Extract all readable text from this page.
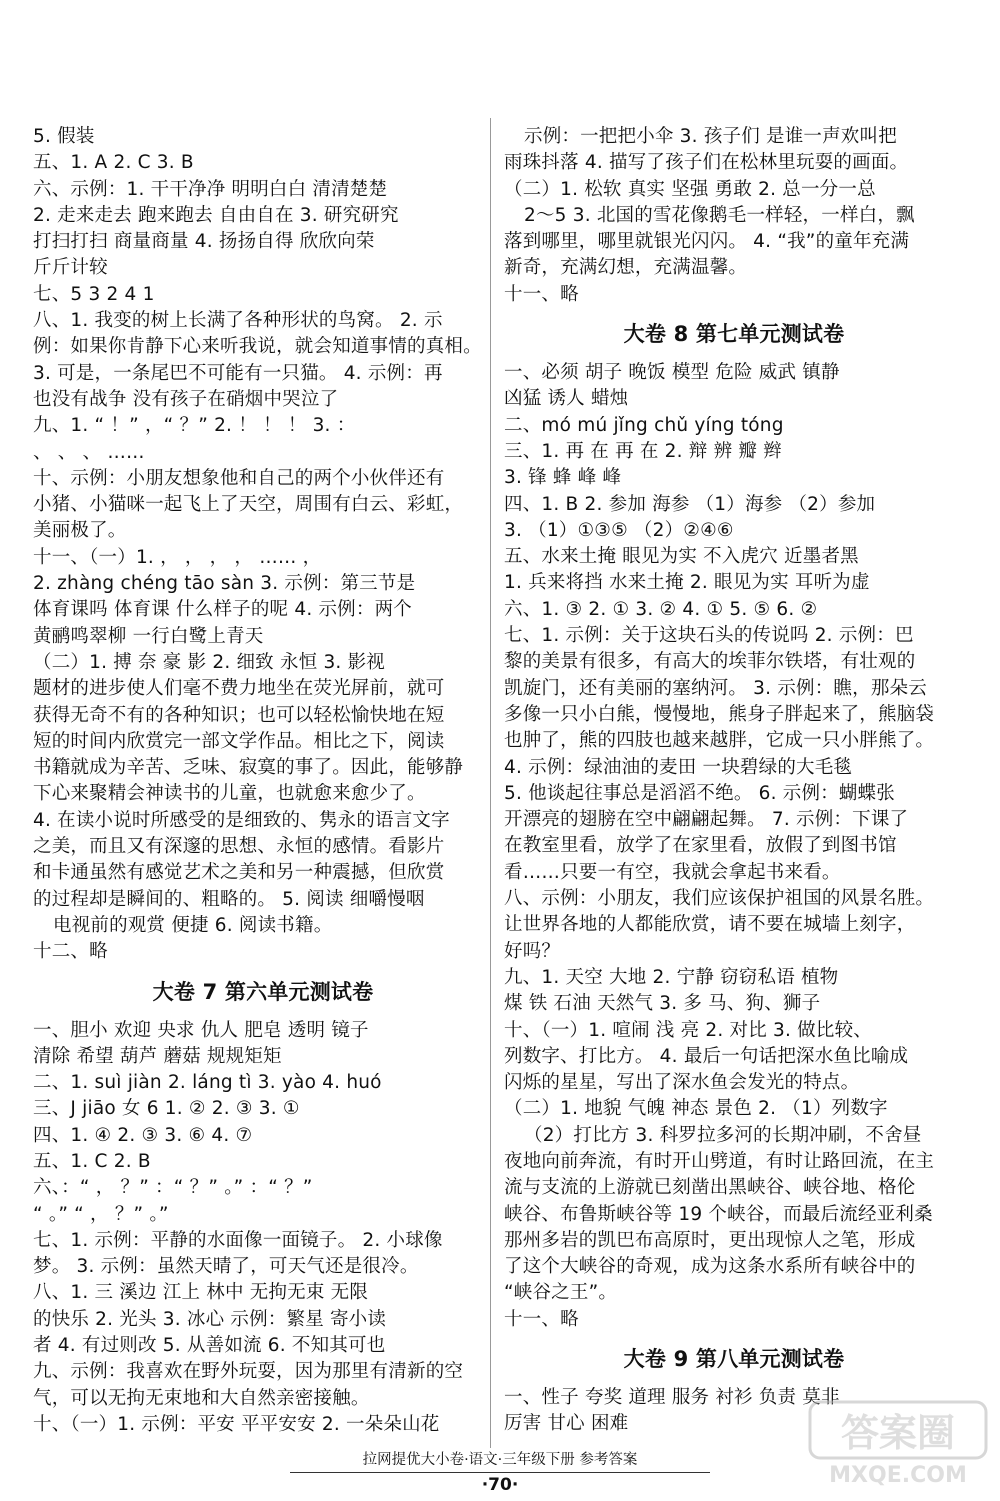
5. 假装
五、1. A 2. C 3. B
六、示例：1. 干干净净 明明白白 清清楚楚
2. 走来走去 跑来跑去 自由自在 3. 研究研究
打扫打扫 商量商量 4. 扬扬自得 欣欣向荣
斤斤计较
七、5 3 2 4 1
八、1. 我变的树上长满了各种形状的鸟窝。 2. 示
例：如果你肯静下心来听我说，就会知道事情的真相。
3. 可是，一条尾巴不可能有一只猫。 4. 示例：再
也没有战争 没有孩子在硝烟中哭泣了
九、1. “ ！” ，“ ？” 2. ！ ！ ！ 3. ：
、 、 、 ……
十、示例：小朋友想象他和自己的两个小伙伴还有
小猪、小猫咪一起飞上了天空，周围有白云、彩虹，
美丽极了。
十一、（一）1. ， ， ， ， …… ，
2. zhàng chéng tāo sàn 3. 示例：第三节是
体育课吗 体育课 什么样子的呢 4. 示例：两个
黄鹂鸣翠柳 一行白鹭上青天
（二）1. 搏 奈 豪 影 2. 细致 永恒 3. 影视
题材的进步使人们毫不费力地坐在荧光屏前，就可
获得无奇不有的各种知识；也可以轻松愉快地在短
短的时间内欣赏完一部文学作品。相比之下，阅读
书籍就成为辛苦、乏味、寂寞的事了。因此，能够静
下心来聚精会神读书的儿童，也就愈来愈少了。
4. 在读小说时所感受的是细致的、隽永的语言文字
之美，而且又有深邃的思想、永恒的感情。看影片
和卡通虽然有感觉艺术之美和另一种震撼，但欣赏
的过程却是瞬间的、粗略的。 5. 阅读 细嚼慢咽
电视前的观赏 便捷 6. 阅读书籍。
十二、略
大卷 7 第六单元测试卷
一、胆小 欢迎 央求 仇人 肥皂 透明 镜子
清除 希望 葫芦 蘑菇 规规矩矩
二、1. suì jiàn 2. láng tì 3. yào 4. huó
三、J jiāo 女 6 1. ② 2. ③ 3. ①
四、1. ④ 2. ③ 3. ⑥ 4. ⑦
五、1. C 2. B
六、：“ ， ？” ：“ ？” 。” ：“ ？”
“ 。” “ ， ？” 。”
七、1. 示例：平静的水面像一面镜子。 2. 小球像
梦。 3. 示例：虽然天晴了，可天气还是很冷。
八、1. 三 溪边 江上 林中 无拘无束 无限
的快乐 2. 光头 3. 冰心 示例：繁星 寄小读
者 4. 有过则改 5. 从善如流 6. 不知其可也
九、示例：我喜欢在野外玩耍，因为那里有清新的空
气，可以无拘无束地和大自然亲密接触。
十、（一）1. 示例：平安 平平安安 2. 一朵朵山花
示例：一把把小伞 3. 孩子们 是谁一声欢叫把
雨珠抖落 4. 描写了孩子们在松林里玩耍的画面。
（二）1. 松软 真实 坚强 勇敢 2. 总一分一总
2～5 3. 北国的雪花像鹅毛一样轻，一样白，飘
落到哪里，哪里就银光闪闪。 4. “我”的童年充满
新奇，充满幻想，充满温馨。
十一、略
大卷 8 第七单元测试卷
一、必须 胡子 晚饭 模型 危险 威武 镇静
凶猛 诱人 蜡烛
二、mó mú jǐng chǔ yíng tóng
三、1. 再 在 再 在 2. 辩 辨 瓣 辫
3. 锋 蜂 峰 峰
四、1. B 2. 参加 海参 （1）海参 （2）参加
3. （1）①③⑤ （2）②④⑥
五、水来土掩 眼见为实 不入虎穴 近墨者黑
1. 兵来将挡 水来土掩 2. 眼见为实 耳听为虚
六、1. ③ 2. ① 3. ② 4. ① 5. ⑤ 6. ②
七、1. 示例：关于这块石头的传说吗 2. 示例：巴
黎的美景有很多，有高大的埃菲尔铁塔，有壮观的
凯旋门，还有美丽的塞纳河。 3. 示例：瞧，那朵云
多像一只小白熊，慢慢地，熊身子胖起来了，熊脑袋
也肿了，熊的四肢也越来越胖，它成一只小胖熊了。
4. 示例：绿油油的麦田 一块碧绿的大毛毯
5. 他谈起往事总是滔滔不绝。 6. 示例：蝴蝶张
开漂亮的翅膀在空中翩翩起舞。 7. 示例：下课了
在教室里看，放学了在家里看，放假了到图书馆
看……只要一有空，我就会拿起书来看。
八、示例：小朋友，我们应该保护祖国的风景名胜。
让世界各地的人都能欣赏，请不要在城墙上刻字，
好吗？
九、1. 天空 大地 2. 宁静 窃窃私语 植物
煤 铁 石油 天然气 3. 多 马、狗、狮子
十、（一）1. 喧闹 浅 亮 2. 对比 3. 做比较、
列数字、打比方。 4. 最后一句话把深水鱼比喻成
闪烁的星星，写出了深水鱼会发光的特点。
（二）1. 地貌 气魄 神态 景色 2. （1）列数字
（2）打比方 3. 科罗拉多河的长期冲刷，不舍昼
夜地向前奔流，有时开山劈道，有时让路回流，在主
流与支流的上游就已刻凿出黑峡谷、峡谷地、格伦
峡谷、布鲁斯峡谷等 19 个峡谷，而最后流经亚利桑
那州多岩的凯巴布高原时，更出现惊人之笔，形成
了这个大峡谷的奇观，成为这条水系所有峡谷中的
“峡谷之王”。
十一、略
大卷 9 第八单元测试卷
一、性子 夸奖 道理 服务 衬衫 负责 莫非
厉害 甘心 困难
拉网提优大小卷·语文·三年级下册 参考答案
·70·
答案圈
MXQE.COM
